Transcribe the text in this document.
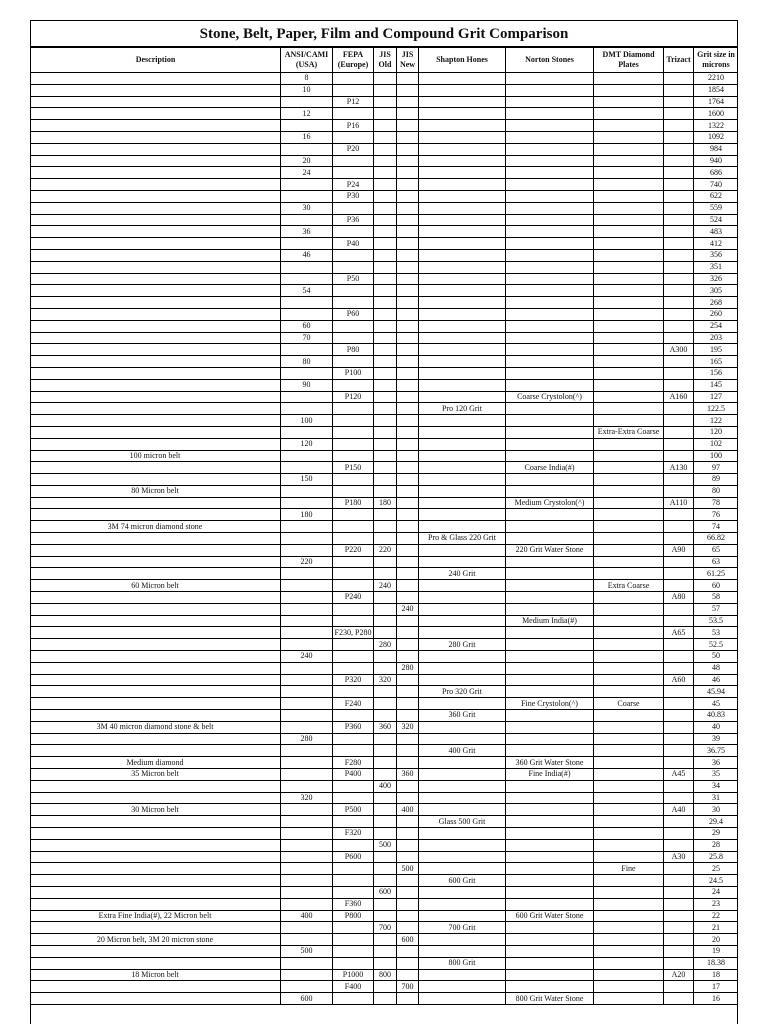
Stone, Belt, Paper, Film and Compound Grit Comparison
Description	ANSI/CAMI (USA)	FEPA (Europe)	JIS Old	JIS New	Shapton Hones	Norton Stones	DMT Diamond Plates	Trizact	Grit size in microns
	8								2210
	10								1854
		P12							1764
	12								1600
		P16							1322
	16								1092
		P20							984
	20								940
	24								686
		P24							740
		P30							622
	30								559
		P36							524
	36								483
		P40							412
	46								356
									351
		P50							326
	54								305
									268
		P60							260
	60								254
	70								203
		P80						A300	195
	80								165
		P100							156
	90								145
		P120				Coarse Crystolon(^)		A160	127
					Pro 120 Grit				122.5
	100								122
							Extra-Extra Coarse		120
	120								102
100 micron belt									100
		P150				Coarse India(#)		A130	97
	150								89
80 Micron belt									80
		P180	180			Medium Crystolon(^)		A110	78
	180								76
3M 74 micron diamond stone									74
					Pro & Glass 220 Grit				66.82
		P220	220			220 Grit Water Stone		A90	65
	220								63
					240 Grit				61.25
60 Micron belt			240				Extra Coarse		60
		P240						A80	58
				240					57
						Medium India(#)			53.5
		F230, P280						A65	53
			280		280 Grit				52.5
	240								50
				280					48
		P320	320					A60	46
					Pro 320 Grit				45.94
		F240				Fine Crystolon(^)	Coarse		45
					360 Grit				40.83
3M 40 micron diamond stone & belt		P360	360	320					40
	280								39
					400 Grit				36.75
Medium diamond		F280				360 Grit Water Stone			36
35 Micron belt		P400		360		Fine India(#)		A45	35
			400						34
	320								31
30 Micron belt		P500		400				A40	30
					Glass 500 Grit				29.4
		F320							29
			500						28
		P600						A30	25.8
				500			Fine		25
					600 Grit				24.5
			600						24
		F360							23
Extra Fine India(#), 22 Micron belt	400	P800				600 Grit Water Stone			22
			700		700 Grit				21
20 Micron belt, 3M 20 micron stone				600					20
	500								19
					800 Grit				18.38
18 Micron belt		P1000	800					A20	18
		F400		700					17
	600					800 Grit Water Stone			16
